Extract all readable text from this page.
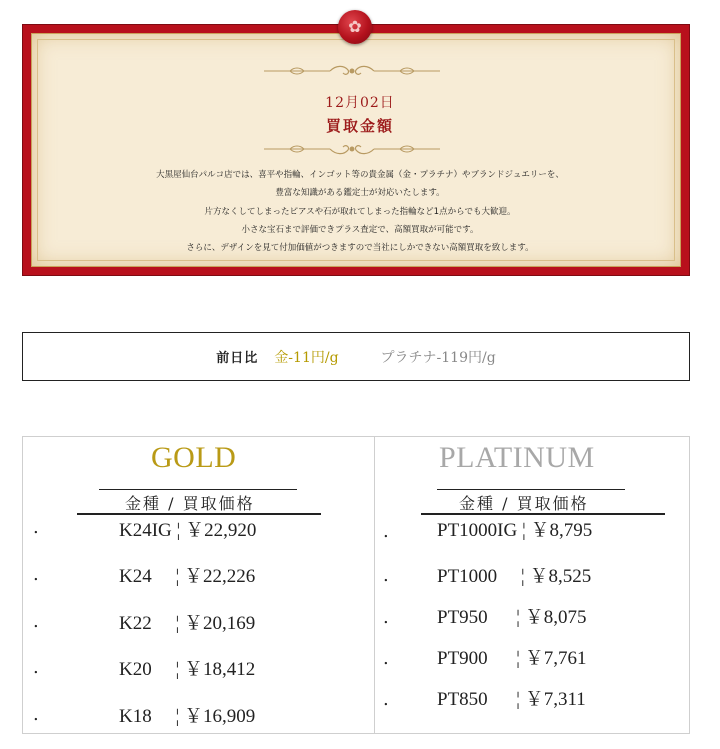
✿
12月02日
買取金額
大黒屋仙台パルコ店では、喜平や指輪、インゴット等の貴金属（金・プラチナ）やブランドジュエリーを、
豊富な知識がある鑑定士が対応いたします。
片方なくしてしまったピアスや石が取れてしまった指輪など1点からでも大歓迎。
小さな宝石まで評価できプラス査定で、高額買取が可能です。
さらに、デザインを見て付加価値がつきますので当社にしかできない高額買取を致します。
前日比 金-11円/g	プラチナ-119円/g
GOLD
金種 / 買取価格
.	K24IG ¦ ￥22,920
.	K24 　¦ ￥22,226
.	K22 　¦ ￥20,169
.	K20 　¦ ￥18,412
.	K18 　¦ ￥16,909
PLATINUM
金種 / 買取価格
.	PT1000IG ¦ ￥8,795
.	PT1000 　¦ ￥8,525
.	PT950 　 ¦ ￥8,075
.	PT900 　 ¦ ￥7,761
.	PT850 　 ¦ ￥7,311
